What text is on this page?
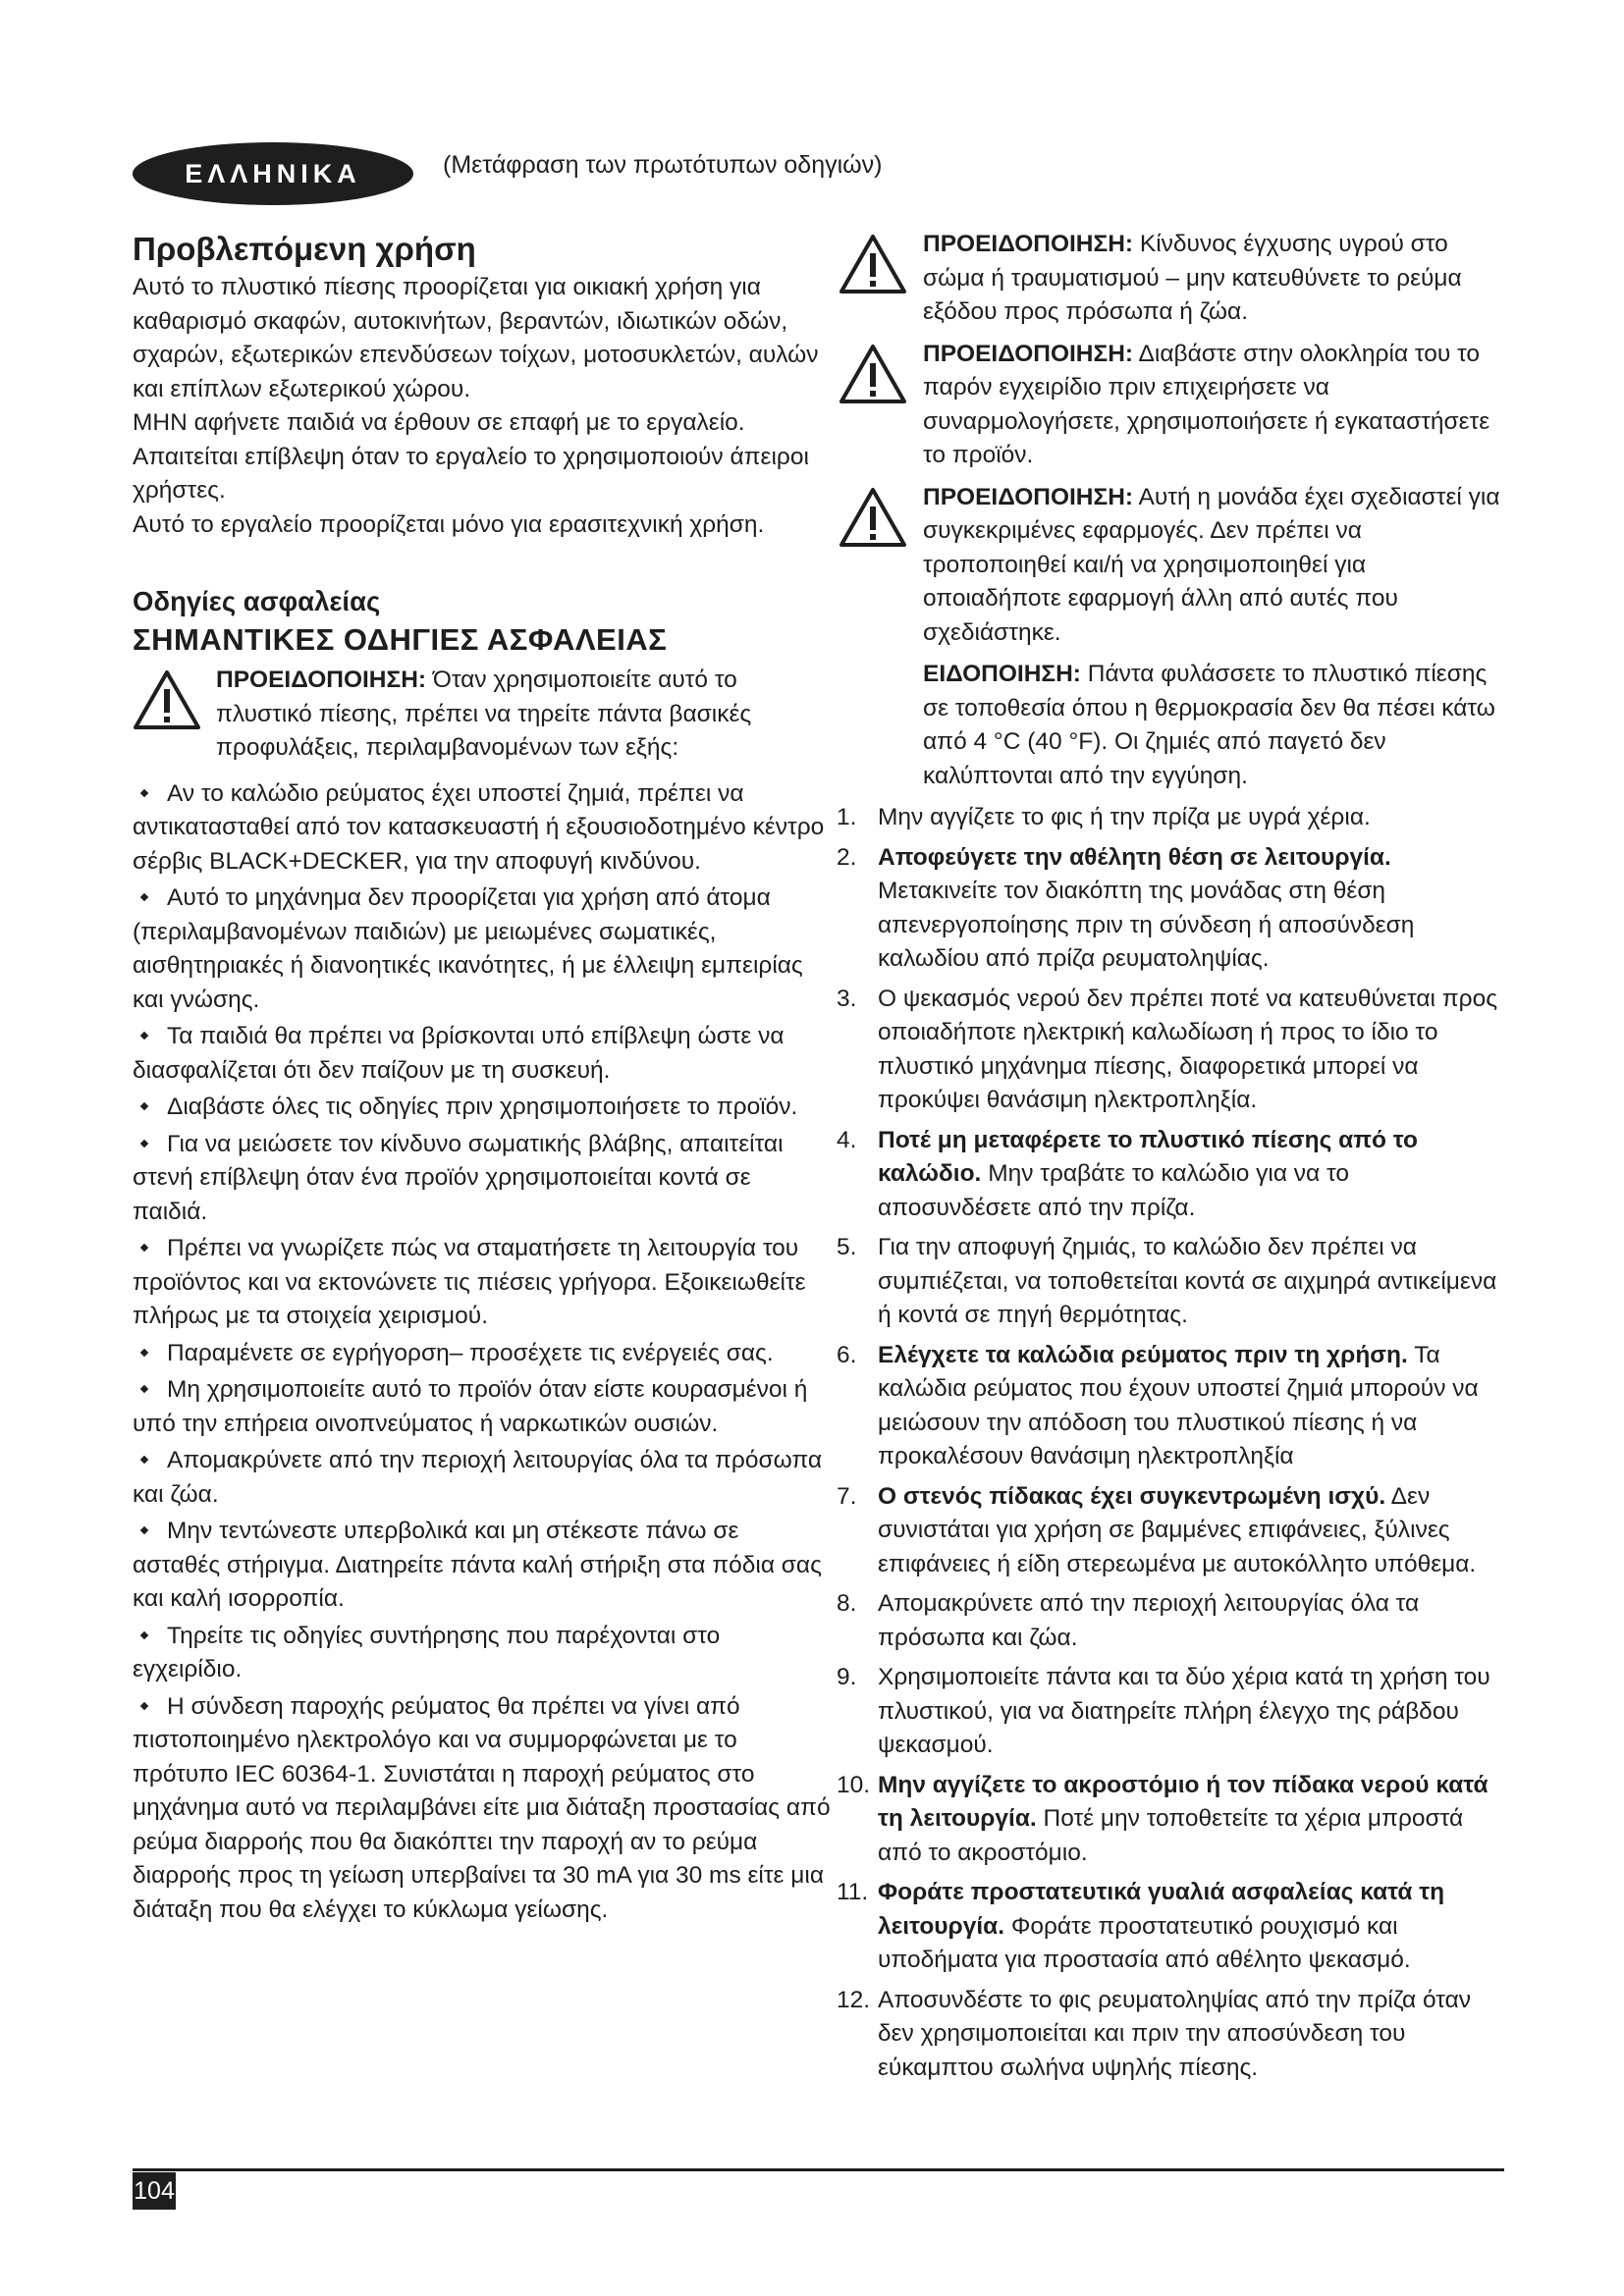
ΕΛΛΗΝΙΚΑ	(Μετάφραση των πρωτότυπων οδηγιών)
Προβλεπόμενη χρήση

Αυτό το πλυστικό πίεσης προορίζεται για οικιακή χρήση για καθαρισμό σκαφών, αυτοκινήτων, βεραντών, ιδιωτικών οδών, σχαρών, εξωτερικών επενδύσεων τοίχων, μοτοσυκλετών, αυλών και επίπλων εξωτερικού χώρου.

ΜΗΝ αφήνετε παιδιά να έρθουν σε επαφή με το εργαλείο. Απαιτείται επίβλεψη όταν το εργαλείο το χρησιμοποιούν άπειροι χρήστες.

Αυτό το εργαλείο προορίζεται μόνο για ερασιτεχνική χρήση.

Οδηγίες ασφαλείας
ΣΗΜΑΝΤΙΚΕΣ ΟΔΗΓΙΕΣ ΑΣΦΑΛΕΙΑΣ

ΠΡΟΕΙΔΟΠΟΙΗΣΗ: Όταν χρησιμοποιείτε αυτό το πλυστικό πίεσης, πρέπει να τηρείτε πάντα βασικές προφυλάξεις, περιλαμβανομένων των εξής:

Αν το καλώδιο ρεύματος έχει υποστεί ζημιά, πρέπει να αντικατασταθεί από τον κατασκευαστή ή εξουσιοδοτημένο κέντρο σέρβις BLACK+DECKER, για την αποφυγή κινδύνου.
Αυτό το μηχάνημα δεν προορίζεται για χρήση από άτομα (περιλαμβανομένων παιδιών) με μειωμένες σωματικές, αισθητηριακές ή διανοητικές ικανότητες, ή με έλλειψη εμπειρίας και γνώσης.
Τα παιδιά θα πρέπει να βρίσκονται υπό επίβλεψη ώστε να διασφαλίζεται ότι δεν παίζουν με τη συσκευή.
Διαβάστε όλες τις οδηγίες πριν χρησιμοποιήσετε το προϊόν.
Για να μειώσετε τον κίνδυνο σωματικής βλάβης, απαιτείται στενή επίβλεψη όταν ένα προϊόν χρησιμοποιείται κοντά σε παιδιά.
Πρέπει να γνωρίζετε πώς να σταματήσετε τη λειτουργία του προϊόντος και να εκτονώνετε τις πιέσεις γρήγορα. Εξοικειωθείτε πλήρως με τα στοιχεία χειρισμού.
Παραμένετε σε εγρήγορση– προσέχετε τις ενέργειές σας.
Μη χρησιμοποιείτε αυτό το προϊόν όταν είστε κουρασμένοι ή υπό την επήρεια οινοπνεύματος ή ναρκωτικών ουσιών.
Απομακρύνετε από την περιοχή λειτουργίας όλα τα πρόσωπα και ζώα.
Μην τεντώνεστε υπερβολικά και μη στέκεστε πάνω σε ασταθές στήριγμα. Διατηρείτε πάντα καλή στήριξη στα πόδια σας και καλή ισορροπία.
Τηρείτε τις οδηγίες συντήρησης που παρέχονται στο εγχειρίδιο.
Η σύνδεση παροχής ρεύματος θα πρέπει να γίνει από πιστοποιημένο ηλεκτρολόγο και να συμμορφώνεται με το πρότυπο IEC 60364-1. Συνιστάται η παροχή ρεύματος στο μηχάνημα αυτό να περιλαμβάνει είτε μια διάταξη προστασίας από ρεύμα διαρροής που θα διακόπτει την παροχή αν το ρεύμα διαρροής προς τη γείωση υπερβαίνει τα 30 mA για 30 ms είτε μια διάταξη που θα ελέγχει το κύκλωμα γείωσης.

ΠΡΟΕΙΔΟΠΟΙΗΣΗ: Κίνδυνος έγχυσης υγρού στο σώμα ή τραυματισμού – μην κατευθύνετε το ρεύμα εξόδου προς πρόσωπα ή ζώα.

ΠΡΟΕΙΔΟΠΟΙΗΣΗ: Διαβάστε στην ολοκληρία του το παρόν εγχειρίδιο πριν επιχειρήσετε να συναρμολογήσετε, χρησιμοποιήσετε ή εγκαταστήσετε το προϊόν.

ΠΡΟΕΙΔΟΠΟΙΗΣΗ: Αυτή η μονάδα έχει σχεδιαστεί για συγκεκριμένες εφαρμογές. Δεν πρέπει να τροποποιηθεί και/ή να χρησιμοποιηθεί για οποιαδήποτε εφαρμογή άλλη από αυτές που σχεδιάστηκε.

ΕΙΔΟΠΟΙΗΣΗ: Πάντα φυλάσσετε το πλυστικό πίεσης σε τοποθεσία όπου η θερμοκρασία δεν θα πέσει κάτω από 4 °C (40 °F). Οι ζημιές από παγετό δεν καλύπτονται από την εγγύηση.

1. Μην αγγίζετε το φις ή την πρίζα με υγρά χέρια.
2. Αποφεύγετε την αθέλητη θέση σε λειτουργία. Μετακινείτε τον διακόπτη της μονάδας στη θέση απενεργοποίησης πριν τη σύνδεση ή αποσύνδεση καλωδίου από πρίζα ρευματοληψίας.
3. Ο ψεκασμός νερού δεν πρέπει ποτέ να κατευθύνεται προς οποιαδήποτε ηλεκτρική καλωδίωση ή προς το ίδιο το πλυστικό μηχάνημα πίεσης, διαφορετικά μπορεί να προκύψει θανάσιμη ηλεκτροπληξία.
4. Ποτέ μη μεταφέρετε το πλυστικό πίεσης από το καλώδιο. Μην τραβάτε το καλώδιο για να το αποσυνδέσετε από την πρίζα.
5. Για την αποφυγή ζημιάς, το καλώδιο δεν πρέπει να συμπιέζεται, να τοποθετείται κοντά σε αιχμηρά αντικείμενα ή κοντά σε πηγή θερμότητας.
6. Ελέγχετε τα καλώδια ρεύματος πριν τη χρήση. Τα καλώδια ρεύματος που έχουν υποστεί ζημιά μπορούν να μειώσουν την απόδοση του πλυστικού πίεσης ή να προκαλέσουν θανάσιμη ηλεκτροπληξία
7. Ο στενός πίδακας έχει συγκεντρωμένη ισχύ. Δεν συνιστάται για χρήση σε βαμμένες επιφάνειες, ξύλινες επιφάνειες ή είδη στερεωμένα με αυτοκόλλητο υπόθεμα.
8. Απομακρύνετε από την περιοχή λειτουργίας όλα τα πρόσωπα και ζώα.
9. Χρησιμοποιείτε πάντα και τα δύο χέρια κατά τη χρήση του πλυστικού, για να διατηρείτε πλήρη έλεγχο της ράβδου ψεκασμού.
10. Μην αγγίζετε το ακροστόμιο ή τον πίδακα νερού κατά τη λειτουργία. Ποτέ μην τοποθετείτε τα χέρια μπροστά από το ακροστόμιο.
11. Φοράτε προστατευτικά γυαλιά ασφαλείας κατά τη λειτουργία. Φοράτε προστατευτικό ρουχισμό και υποδήματα για προστασία από αθέλητο ψεκασμό.
12. Αποσυνδέστε το φις ρευματοληψίας από την πρίζα όταν δεν χρησιμοποιείται και πριν την αποσύνδεση του εύκαμπτου σωλήνα υψηλής πίεσης.
104
